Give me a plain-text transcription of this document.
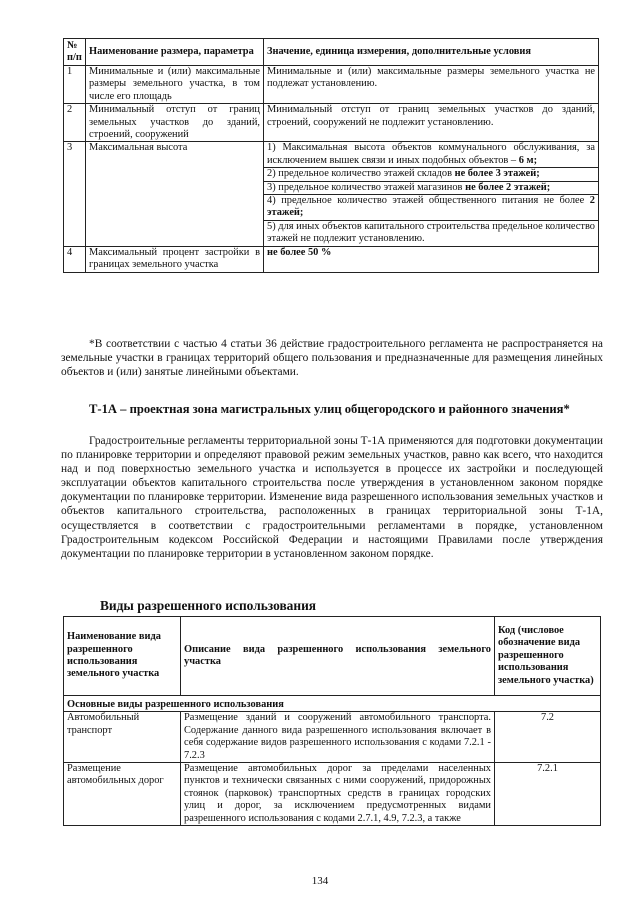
№ п/п	Наименование размера, параметра	Значение, единица измерения, дополнительные условия
1	Минимальные и (или) максимальные размеры земельного участка, в том числе его площадь	Минимальные и (или) максимальные размеры земельного участка не подлежат установлению.
2	Минимальный отступ от границ земельных участков до зданий, строений, сооружений	Минимальный отступ от границ земельных участков до зданий, строений, сооружений не подлежит установлению.
3	Максимальная высота	1) Максимальная высота объектов коммунального обслуживания, за исключением вышек связи и иных подобных объектов – 6 м;
2) предельное количество этажей складов не более 3 этажей;
3) предельное количество этажей магазинов не более 2 этажей;
4) предельное количество этажей общественного питания не более 2 этажей;
5) для иных объектов капитального строительства предельное количество этажей не подлежит установлению.

4	Максимальный процент застройки в границах земельного участка	не более 50 %

*В соответствии с частью 4 статьи 36 действие градостроительного регламента не распространяется на земельные участки в границах территорий общего пользования и предназначенные для размещения линейных объектов и (или) занятые линейными объектами.

Т-1А – проектная зона магистральных улиц общегородского и районного значения*

Градостроительные регламенты территориальной зоны Т-1А применяются для подготовки документации по планировке территории и определяют правовой режим земельных участков, равно как всего, что находится над и под поверхностью земельного участка и используется в процессе их застройки и последующей эксплуатации объектов капитального строительства после утверждения в установленном законом порядке документации по планировке территории. Изменение вида разрешенного использования земельных участков и объектов капитального строительства, расположенных в границах территориальной зоны Т-1А, осуществляется в соответствии с градостроительными регламентами в порядке, установленном Градостроительным кодексом Российской Федерации и настоящими Правилами после утверждения документации по планировке территории в установленном законом порядке.

Виды разрешенного использования
Наименование вида разрешенного использования земельного участка	Описание вида разрешенного использования земельного участка	Код (числовое обозначение вида разрешенного использования земельного участка)
Основные виды разрешенного использования		
Автомобильный транспорт	Размещение зданий и сооружений автомобильного транспорта. Содержание данного вида разрешенного использования включает в себя содержание видов разрешенного использования с кодами 7.2.1 - 7.2.3	7.2
Размещение автомобильных дорог	Размещение автомобильных дорог за пределами населенных пунктов и технически связанных с ними сооружений, придорожных стоянок (парковок) транспортных средств в границах городских улиц и дорог, за исключением предусмотренных видами разрешенного использования с кодами 2.7.1, 4.9, 7.2.3, а также	7.2.1
134
